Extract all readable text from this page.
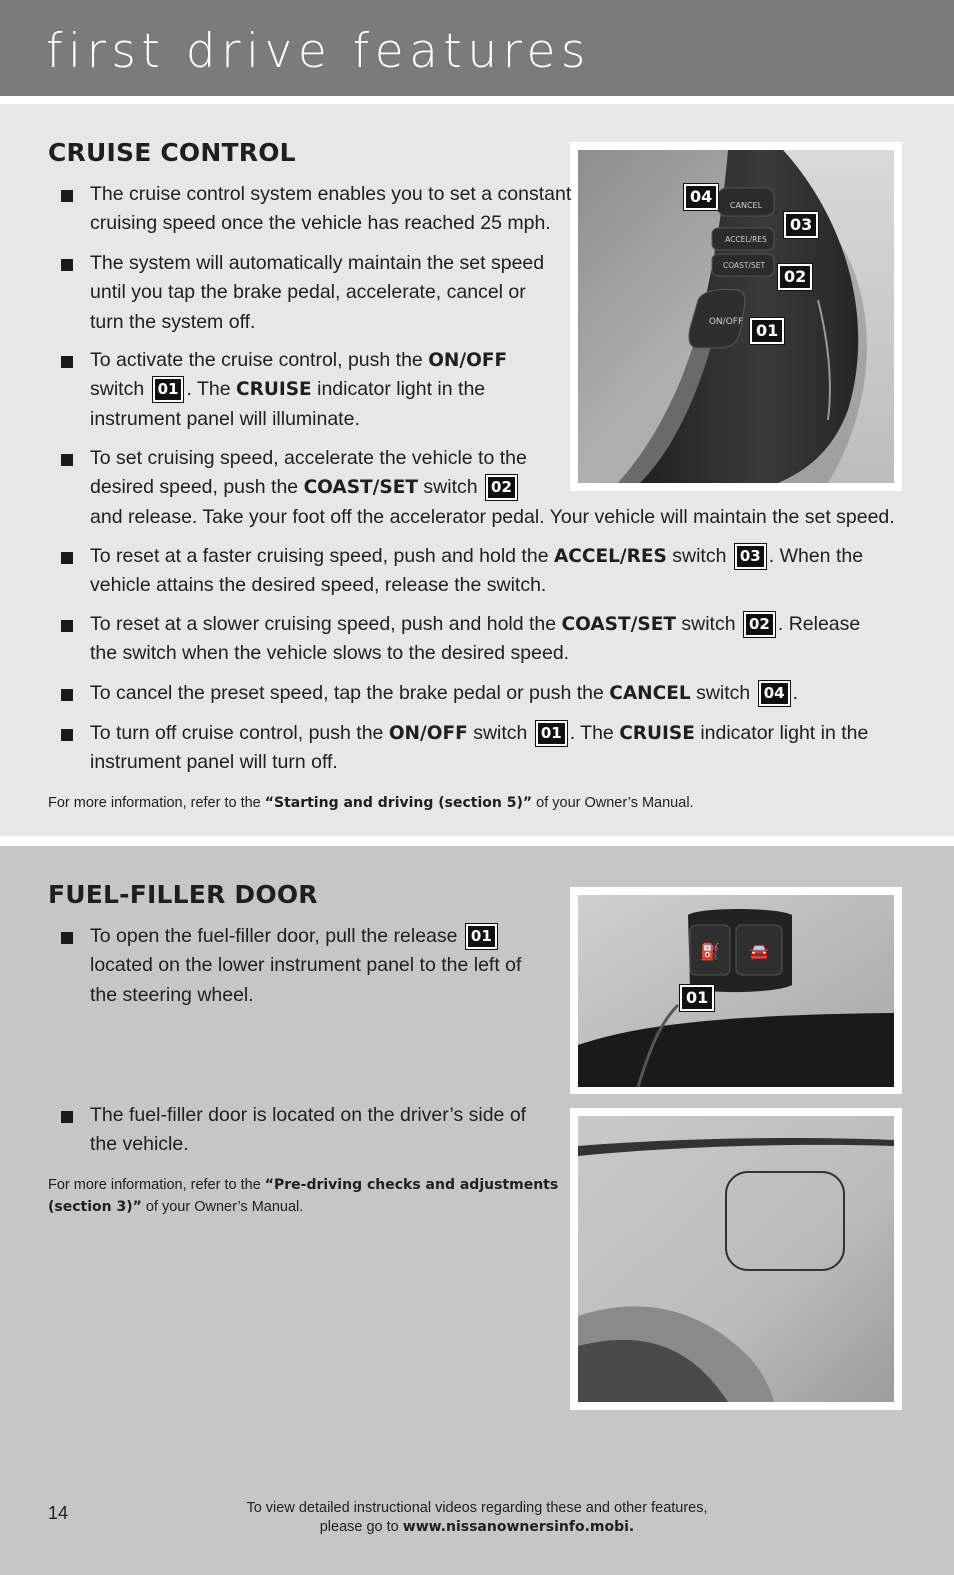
first drive features
CRUISE CONTROL
CANCEL
ACCEL/RES
COAST/SET
ON/OFF
04
03
02
01
The cruise control system enables you to set a constant
cruising speed once the vehicle has reached 25 mph.
The system will automatically maintain the set speed
until you tap the brake pedal, accelerate, cancel or
turn the system off.
To activate the cruise control, push the ON/OFF
switch 01 . The CRUISE indicator light in the
instrument panel will illuminate.
To set cruising speed, accelerate the vehicle to the
desired speed, push the COAST/SET switch 02
and release. Take your foot off the accelerator pedal. Your vehicle will maintain the set speed.
To reset at a faster cruising speed, push and hold the ACCEL/RES switch 03 . When the
vehicle attains the desired speed, release the switch.
To reset at a slower cruising speed, push and hold the COAST/SET switch 02 . Release
the switch when the vehicle slows to the desired speed.
To cancel the preset speed, tap the brake pedal or push the CANCEL switch 04 .
To turn off cruise control, push the ON/OFF switch 01 . The CRUISE indicator light in the
instrument panel will turn off.
For more information, refer to the “Starting and driving (section 5)” of your Owner’s Manual.
FUEL-FILLER DOOR
⛽ 🚘
01
To open the fuel-filler door, pull the release 01
located on the lower instrument panel to the left of
the steering wheel.
The fuel-filler door is located on the driver’s side of
the vehicle.
For more information, refer to the “Pre-driving checks and adjustments
(section 3)” of your Owner’s Manual.
14	To view detailed instructional videos regarding these and other features,
please go to www.nissanownersinfo.mobi.
